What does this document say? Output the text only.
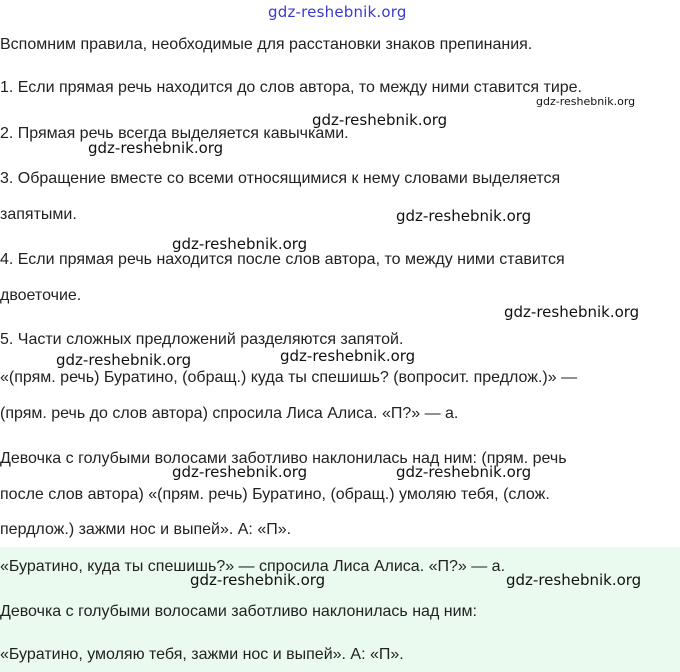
gdz-reshebnik.org

Вспомним правила, необходимые для расстановки знаков препинания.

1. Если прямая речь находится до слов автора, то между ними ставится тире.

2. Прямая речь всегда выделяется кавычками.

3. Обращение вместе со всеми относящимися к нему словами выделяется

запятыми.

4. Если прямая речь находится после слов автора, то между ними ставится

двоеточие.

5. Части сложных предложений разделяются запятой.

«(прям. речь) Буратино, (обращ.) куда ты спешишь? (вопросит. предлож.)» —

(прям. речь до слов автора) спросила Лиса Алиса. «П?» — а.

Девочка с голубыми волосами заботливо наклонилась над ним: (прям. речь

после слов автора) «(прям. речь) Буратино, (обращ.) умоляю тебя, (слож.

пердлож.) зажми нос и выпей». А: «П».

«Буратино, куда ты спешишь?» — спросила Лиса Алиса. «П?» — а.

Девочка с голубыми волосами заботливо наклонилась над ним:

«Буратино, умоляю тебя, зажми нос и выпей». А: «П».

gdz-reshebnik.org
gdz-reshebnik.org
gdz-reshebnik.org
gdz-reshebnik.org
gdz-reshebnik.org
gdz-reshebnik.org
gdz-reshebnik.org
gdz-reshebnik.org
gdz-reshebnik.org	gdz-reshebnik.org
gdz-reshebnik.org	gdz-reshebnik.org
